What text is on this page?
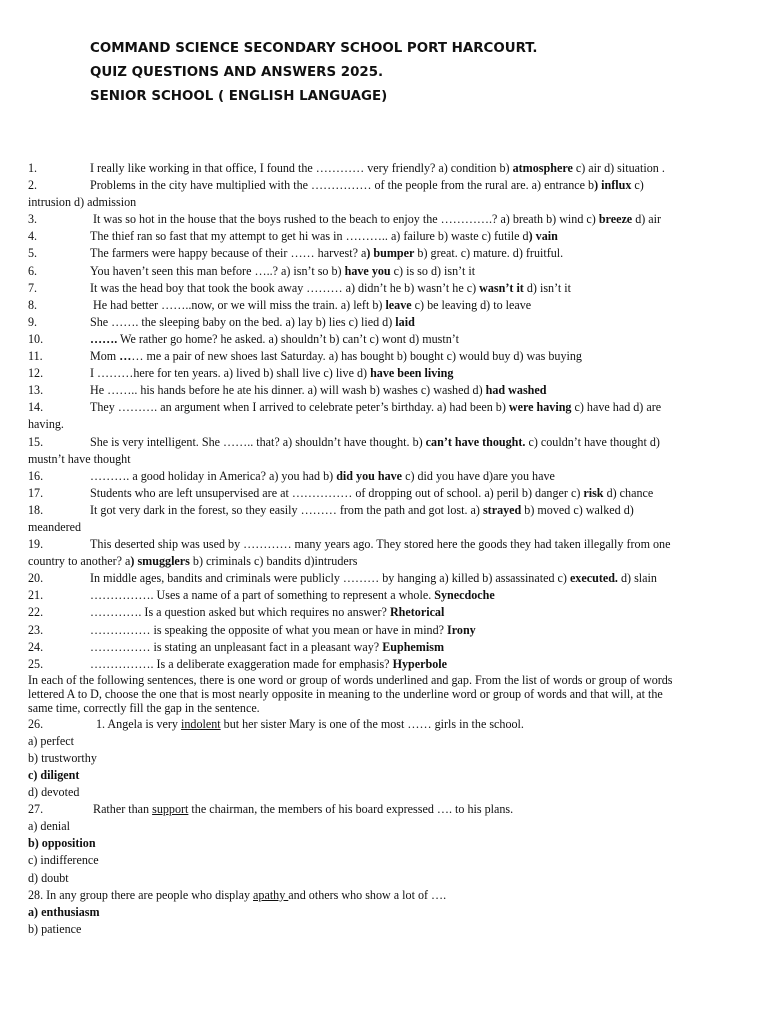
COMMAND SCIENCE SECONDARY SCHOOL PORT HARCOURT.
QUIZ QUESTIONS AND ANSWERS 2025.
SENIOR SCHOOL ( ENGLISH LANGUAGE)
1.	I really like working in that office, I found the ………… very friendly? a) condition b) atmosphere c) air d) situation .
2.	Problems in the city have multiplied with the …………… of the people from the rural are. a) entrance b) influx c) intrusion d) admission
3.	It was so hot in the house that the boys rushed to the beach to enjoy the ………….? a) breath b) wind c) breeze d) air
4.	The thief ran so fast that my attempt to get hi was in ……….. a) failure b) waste c) futile d) vain
5.	The farmers were happy because of their …… harvest? a) bumper b) great. c) mature. d) fruitful.
6.	You haven’t seen this man before …..? a) isn’t so b) have you c) is so d) isn’t it
7.	It was the head boy that took the book away ……… a) didn’t he b) wasn’t he c) wasn’t it d) isn’t it
8.	He had better ……..now, or we will miss the train. a) left b) leave c) be leaving d) to leave
9.	She ……. the sleeping baby on the bed. a) lay b) lies c) lied d) laid
10.	……. We rather go home? he asked. a) shouldn’t b) can’t c) wont d) mustn’t
11.	Mom …… me a pair of new shoes last Saturday. a) has bought b) bought c) would buy d) was buying
12.	I ………here for ten years. a) lived b) shall live c) live d) have been living
13.	He …….. his hands before he ate his dinner. a) will wash b) washes c) washed d) had washed
14.	They ………. an argument when I arrived to celebrate peter’s birthday. a) had been b) were having c) have had d) are having.
15.	She is very intelligent. She …….. that? a) shouldn’t have thought. b) can’t have thought. c) couldn’t have thought d) mustn’t have thought
16.	………. a good holiday in America? a) you had b) did you have c) did you have d)are you have
17.	Students who are left unsupervised are at …………… of dropping out of school. a) peril b) danger c) risk d) chance
18.	It got very dark in the forest, so they easily ……… from the path and got lost. a) strayed b) moved c) walked d) meandered
19.	This deserted ship was used by ………… many years ago. They stored here the goods they had taken illegally from one country to another? a) smugglers b) criminals c) bandits d)intruders
20.	In middle ages, bandits and criminals were publicly ……… by hanging a) killed b) assassinated c) executed. d) slain
21.	……………. Uses a name of a part of something to represent a whole. Synecdoche
22.	…………. Is a question asked but which requires no answer? Rhetorical
23.	…………… is speaking the opposite of what you mean or have in mind? Irony
24.	…………… is stating an unpleasant fact in a pleasant way? Euphemism
25.	……………. Is a deliberate exaggeration made for emphasis? Hyperbole

In each of the following sentences, there is one word or group of words underlined and gap. From the list of words or group of words lettered A to D, choose the one that is most nearly opposite in meaning to the underline word or group of words and that will, at the same time, correctly fill the gap in the sentence.

26.	1. Angela is very indolent but her sister Mary is one of the most …… girls in the school.
a) perfect
b) trustworthy
c) diligent
d) devoted
27.	Rather than support the chairman, the members of his board expressed …. to his plans.
a) denial
b) opposition
c) indifference
d) doubt
28. In any group there are people who display apathy and others who show a lot of ….
a) enthusiasm
b) patience
